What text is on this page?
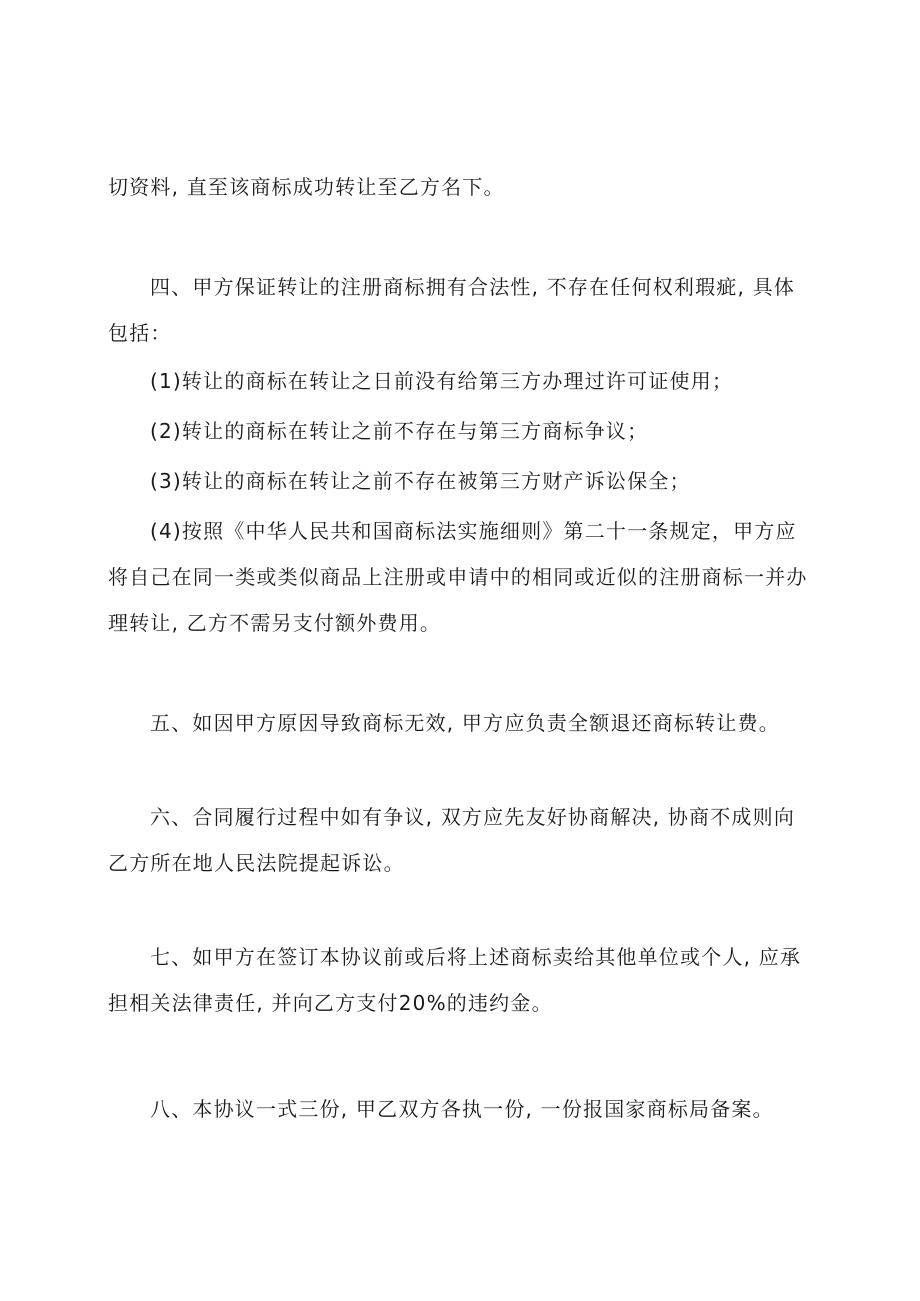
切资料, 直至该商标成功转让至乙方名下。

四、甲方保证转让的注册商标拥有合法性, 不存在任何权利瑕疵, 具体包括：

(1)转让的商标在转让之日前没有给第三方办理过许可证使用；

(2)转让的商标在转让之前不存在与第三方商标争议；

(3)转让的商标在转让之前不存在被第三方财产诉讼保全；

(4)按照《中华人民共和国商标法实施细则》第二十一条规定，甲方应将自己在同一类或类似商品上注册或申请中的相同或近似的注册商标一并办理转让, 乙方不需另支付额外费用。

五、如因甲方原因导致商标无效, 甲方应负责全额退还商标转让费。

六、合同履行过程中如有争议, 双方应先友好协商解决, 协商不成则向乙方所在地人民法院提起诉讼。

七、如甲方在签订本协议前或后将上述商标卖给其他单位或个人, 应承担相关法律责任, 并向乙方支付20%的违约金。

八、本协议一式三份, 甲乙双方各执一份, 一份报国家商标局备案。
